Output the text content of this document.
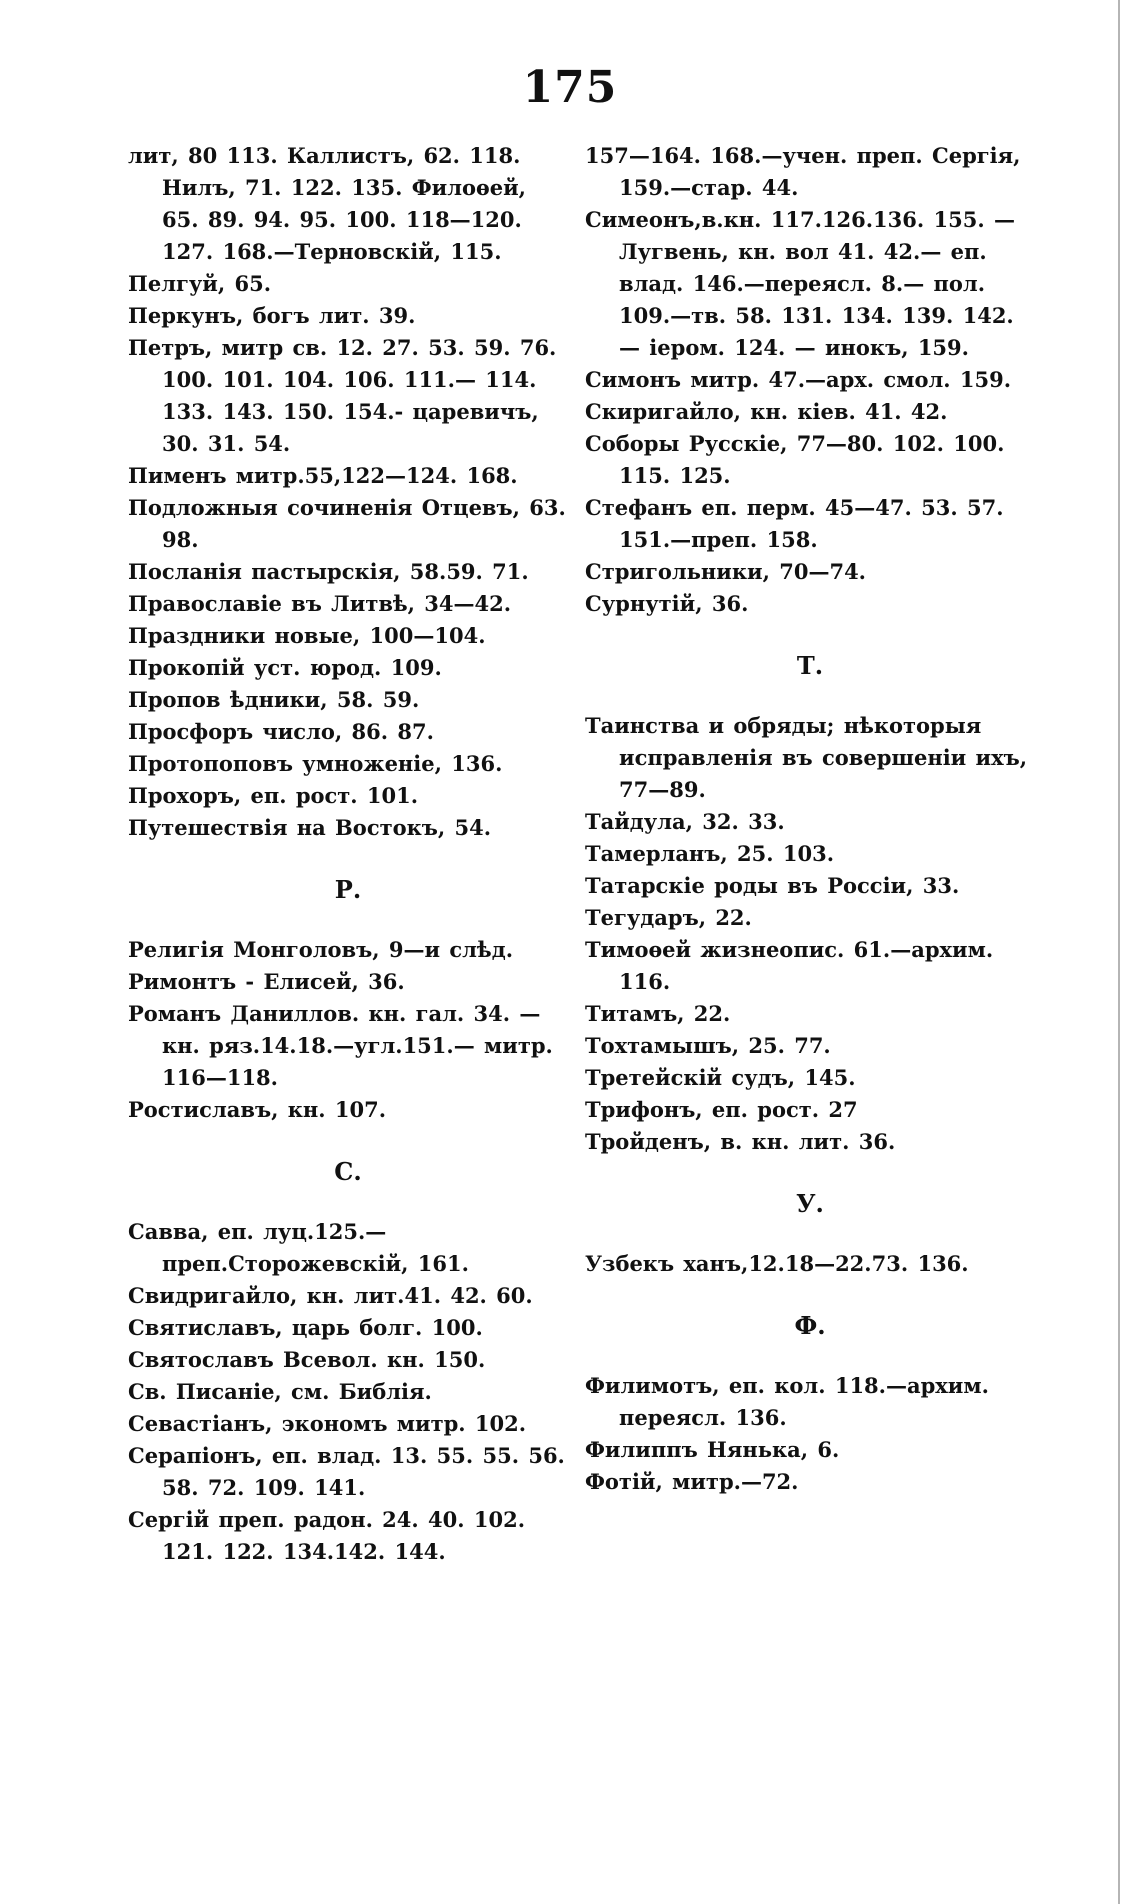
175
лит, 80 113. Каллистъ, 62. 118. Нилъ, 71. 122. 135. Филоѳей, 65. 89. 94. 95. 100. 118—120. 127. 168.—Терновскій, 115.
Пелгуй, 65.
Перкунъ, богъ лит. 39.
Петръ, митр св. 12. 27. 53. 59. 76. 100. 101. 104. 106. 111.— 114. 133. 143. 150. 154.- царевичъ, 30. 31. 54.
Пименъ митр.55,122—124. 168.
Подложныя сочиненія Отцевъ, 63. 98.
Посланія пастырскія, 58.59. 71.
Православіе въ Литвѣ, 34—42.
Праздники новые, 100—104.
Прокопій уст. юрод. 109.
Пропов ѣдники, 58. 59.
Просфоръ число, 86. 87.
Протопоповъ умноженіе, 136.
Прохоръ, еп. рост. 101.
Путешествія на Востокъ, 54.
Р.
Религія Монголовъ, 9—и слѣд.
Римонтъ - Елисей, 36.
Романъ Даниллов. кн. гал. 34. —кн. ряз.14.18.—угл.151.— митр. 116—118.
Ростиславъ, кн. 107.
С.
Савва, еп. луц.125.—преп.Сторожевскій, 161.
Свидригайло, кн. лит.41. 42. 60.
Святиславъ, царь болг. 100.
Святославъ Всевол. кн. 150.
Св. Писаніе, см. Библія.
Севастіанъ, экономъ митр. 102.
Серапіонъ, еп. влад. 13. 55. 55. 56. 58. 72. 109. 141.
Сергій преп. радон. 24. 40. 102. 121. 122. 134.142. 144.
157—164. 168.—учен. преп. Сергія, 159.—стар. 44.
Симеонъ,в.кн. 117.126.136. 155. —Лугвень, кн. вол 41. 42.— еп. влад. 146.—переясл. 8.— пол. 109.—тв. 58. 131. 134. 139. 142. — іером. 124. — инокъ, 159.
Симонъ митр. 47.—арх. смол. 159.
Скиригайло, кн. кіев. 41. 42.
Соборы Русскіе, 77—80. 102. 100. 115. 125.
Стефанъ еп. перм. 45—47. 53. 57. 151.—преп. 158.
Стригольники, 70—74.
Сурнутій, 36.
Т.
Таинства и обряды; нѣкоторыя исправленія въ совершеніи ихъ, 77—89.
Тайдула, 32. 33.
Тамерланъ, 25. 103.
Татарскіе роды въ Россіи, 33.
Тегударъ, 22.
Тимоѳей жизнеопис. 61.—архим. 116.
Титамъ, 22.
Тохтамышъ, 25. 77.
Третейскій судъ, 145.
Трифонъ, еп. рост. 27
Тройденъ, в. кн. лит. 36.
У.
Узбекъ ханъ,12.18—22.73. 136.
Ф.
Филимотъ, еп. кол. 118.—архим. переясл. 136.
Филиппъ Нянька, 6.
Фотій, митр.—72.
